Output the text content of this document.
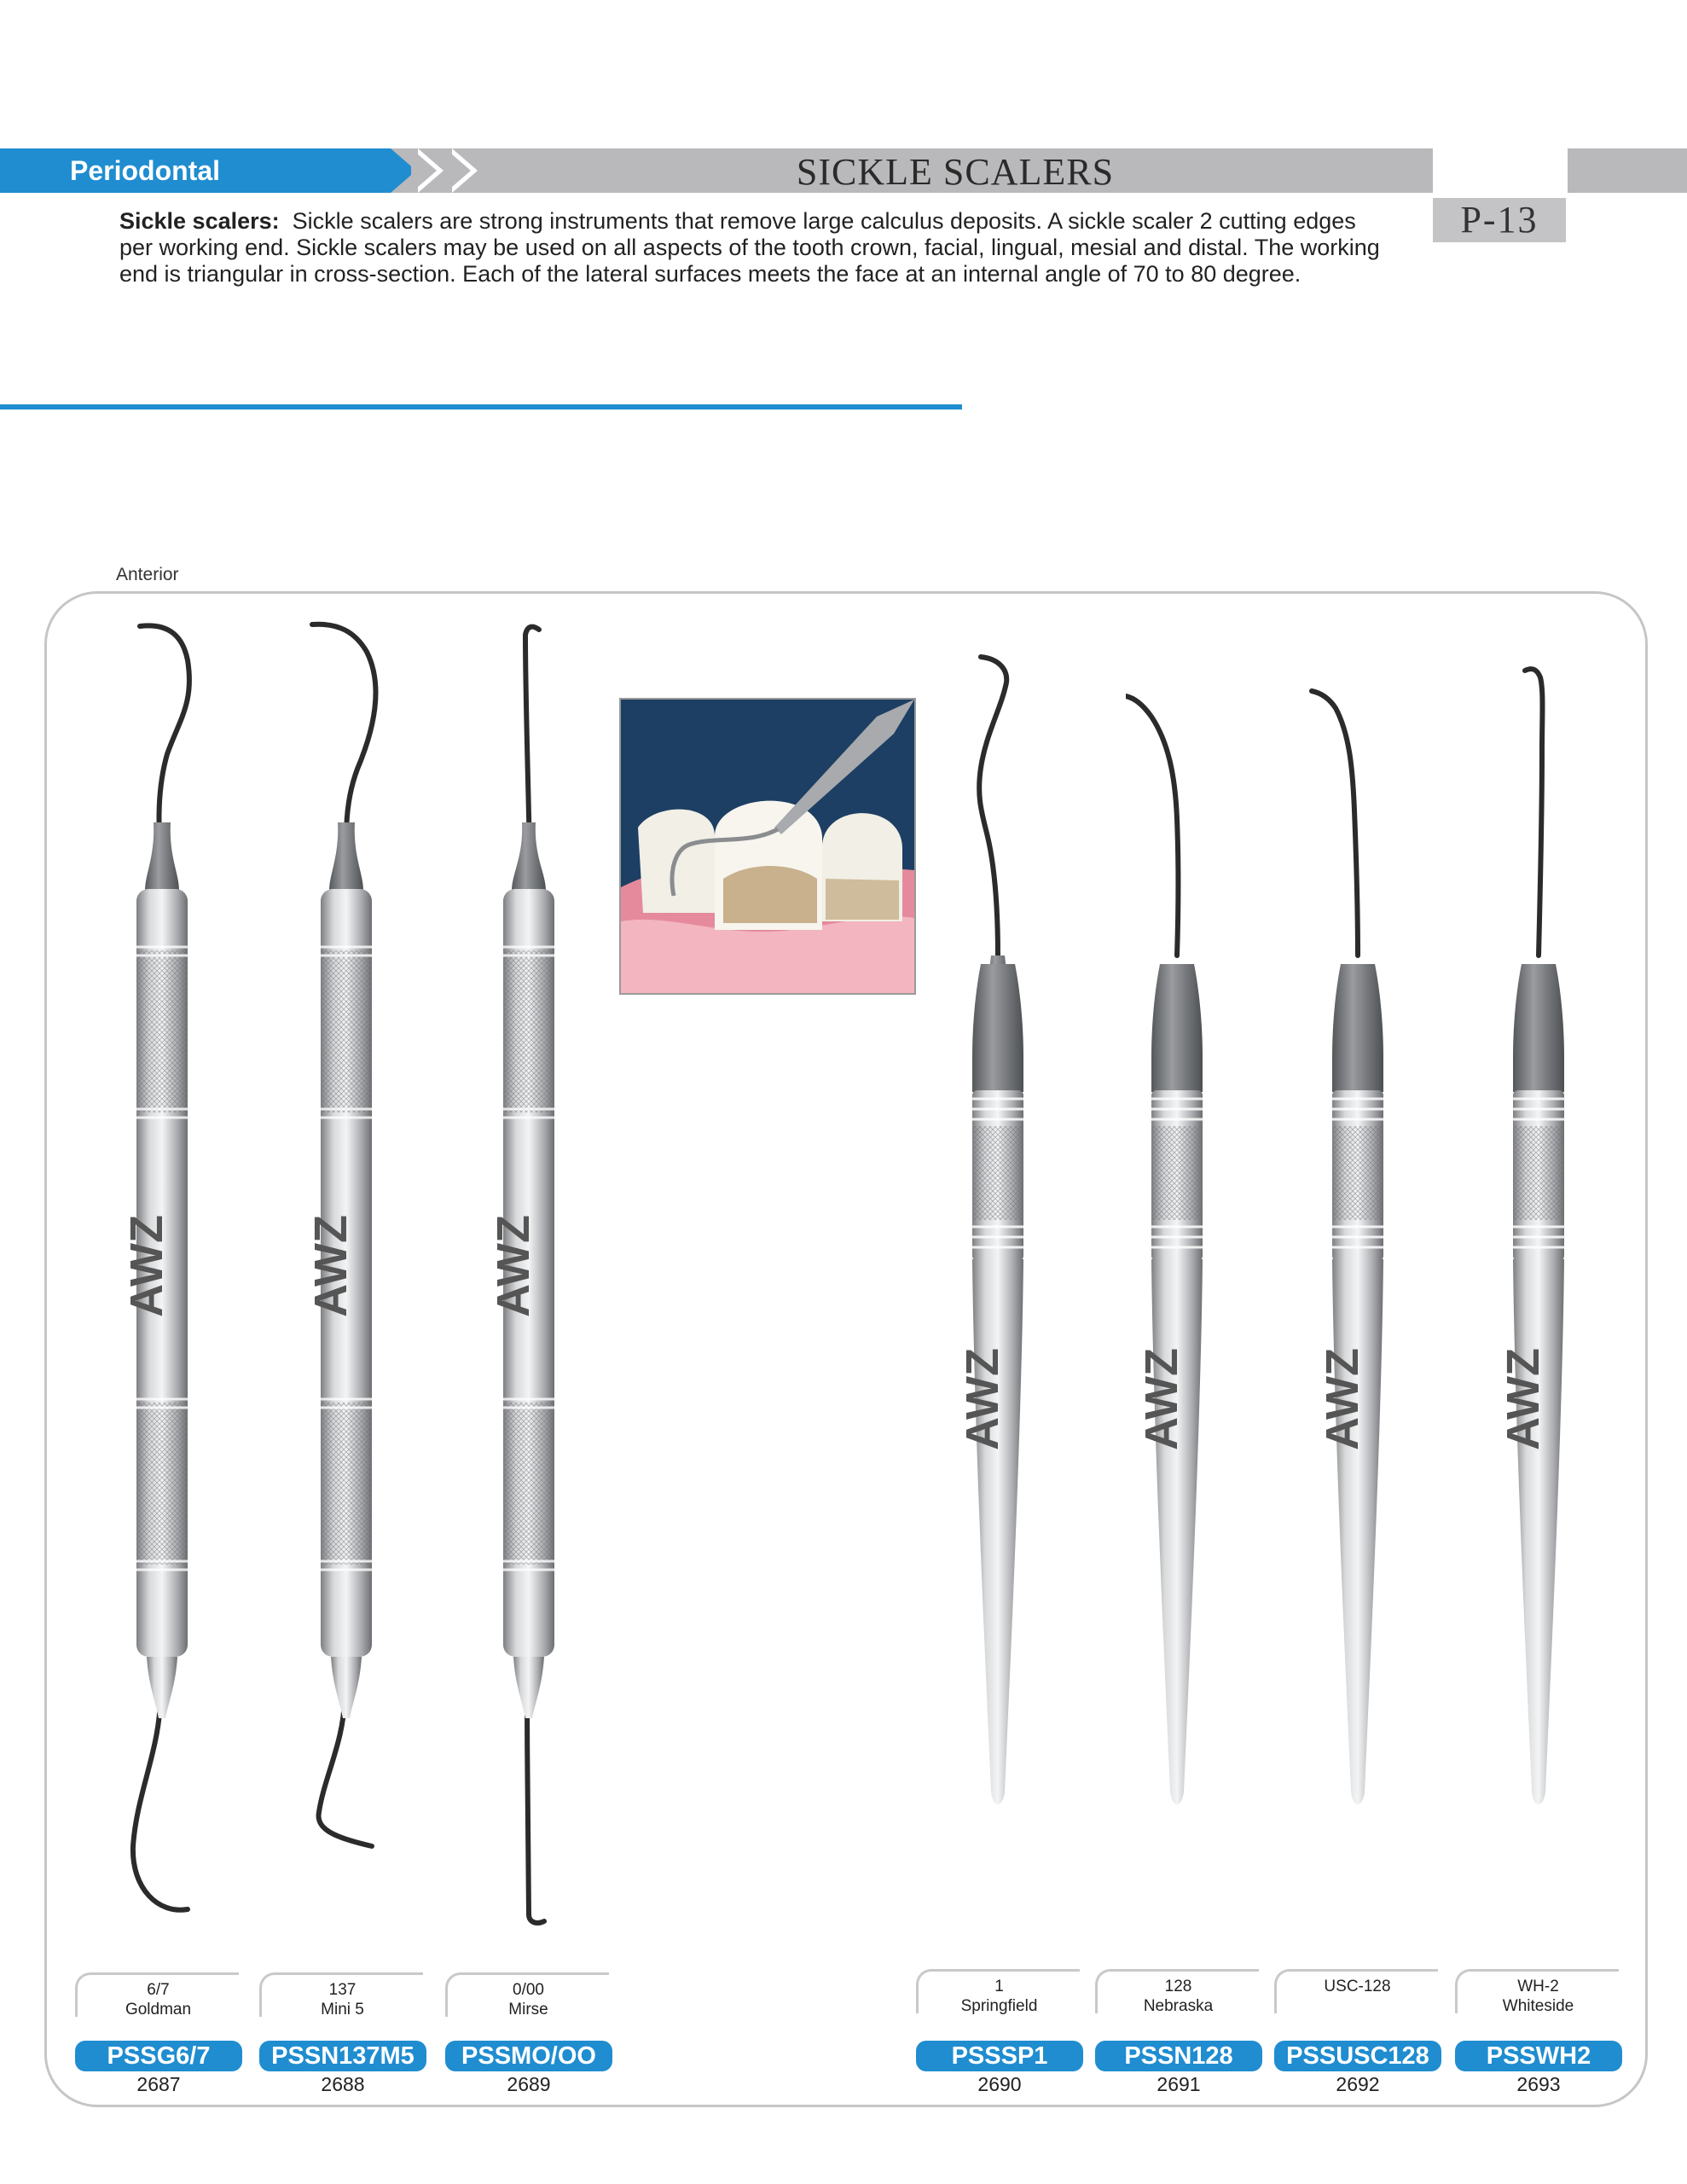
Periodontal	SICKLE SCALERS
P-13
Sickle scalers: Sickle scalers are strong instruments that remove large calculus deposits. A sickle scaler 2 cutting edges per working end. Sickle scalers may be used on all aspects of the tooth crown, facial, lingual, mesial and distal. The working end is triangular in cross-section. Each of the lateral surfaces meets the face at an internal angle of 70 to 80 degree.
Anterior
AWZ	AWZ	AWZ
AWZ	AWZ	AWZ	AWZ
6/7
Goldman
PSSG6/7
2687
137
Mini 5
PSSN137M5
2688
0/00
Mirse
PSSMO/OO
2689
1
Springfield
PSSSP1
2690
128
Nebraska
PSSN128
2691
USC-128
PSSUSC128
2692
WH-2
Whiteside
PSSWH2
2693
